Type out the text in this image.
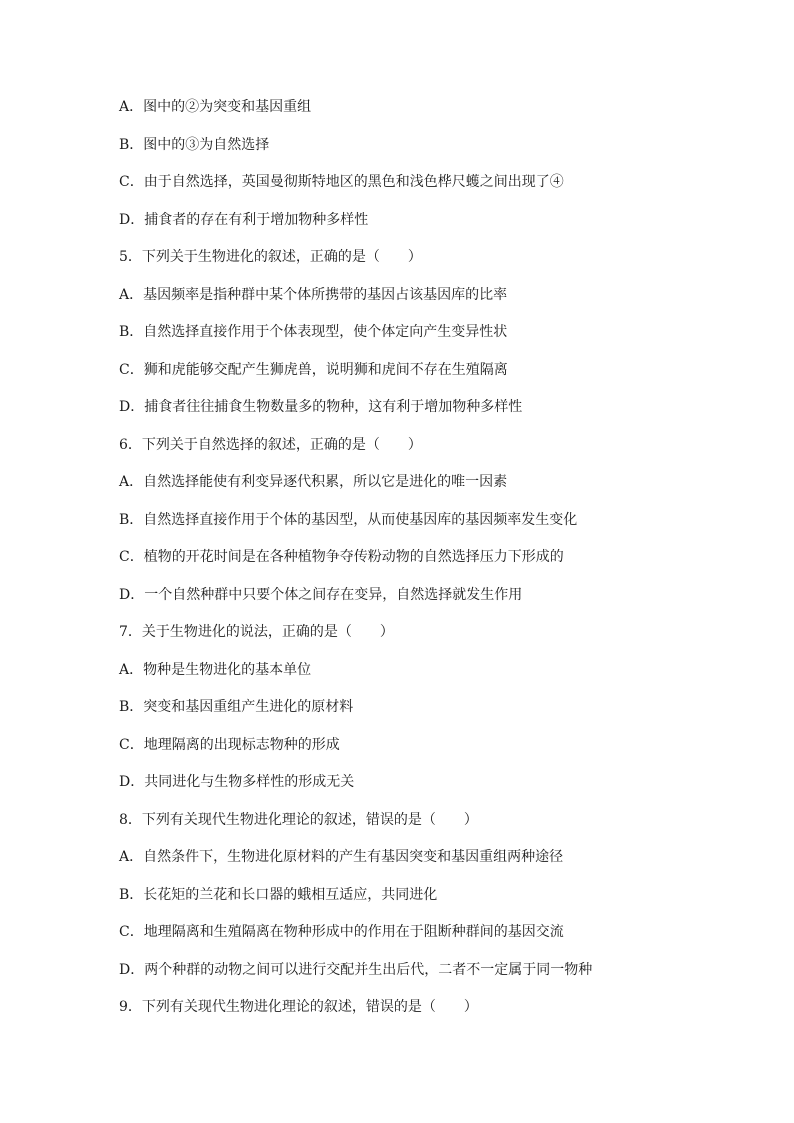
A．图中的②为突变和基因重组
B．图中的③为自然选择
C．由于自然选择，英国曼彻斯特地区的黑色和浅色桦尺蠖之间出现了④
D．捕食者的存在有利于增加物种多样性
5．下列关于生物进化的叙述，正确的是（　　）
A．基因频率是指种群中某个体所携带的基因占该基因库的比率
B．自然选择直接作用于个体表现型，使个体定向产生变异性状
C．狮和虎能够交配产生狮虎兽，说明狮和虎间不存在生殖隔离
D．捕食者往往捕食生物数量多的物种，这有利于增加物种多样性
6．下列关于自然选择的叙述，正确的是（　　）
A．自然选择能使有利变异逐代积累，所以它是进化的唯一因素
B．自然选择直接作用于个体的基因型，从而使基因库的基因频率发生变化
C．植物的开花时间是在各种植物争夺传粉动物的自然选择压力下形成的
D．一个自然种群中只要个体之间存在变异，自然选择就发生作用
7．关于生物进化的说法，正确的是（　　）
A．物种是生物进化的基本单位
B．突变和基因重组产生进化的原材料
C．地理隔离的出现标志物种的形成
D．共同进化与生物多样性的形成无关
8．下列有关现代生物进化理论的叙述，错误的是（　　）
A．自然条件下，生物进化原材料的产生有基因突变和基因重组两种途径
B．长花矩的兰花和长口器的蛾相互适应，共同进化
C．地理隔离和生殖隔离在物种形成中的作用在于阻断种群间的基因交流
D．两个种群的动物之间可以进行交配并生出后代，二者不一定属于同一物种
9．下列有关现代生物进化理论的叙述，错误的是（　　）
